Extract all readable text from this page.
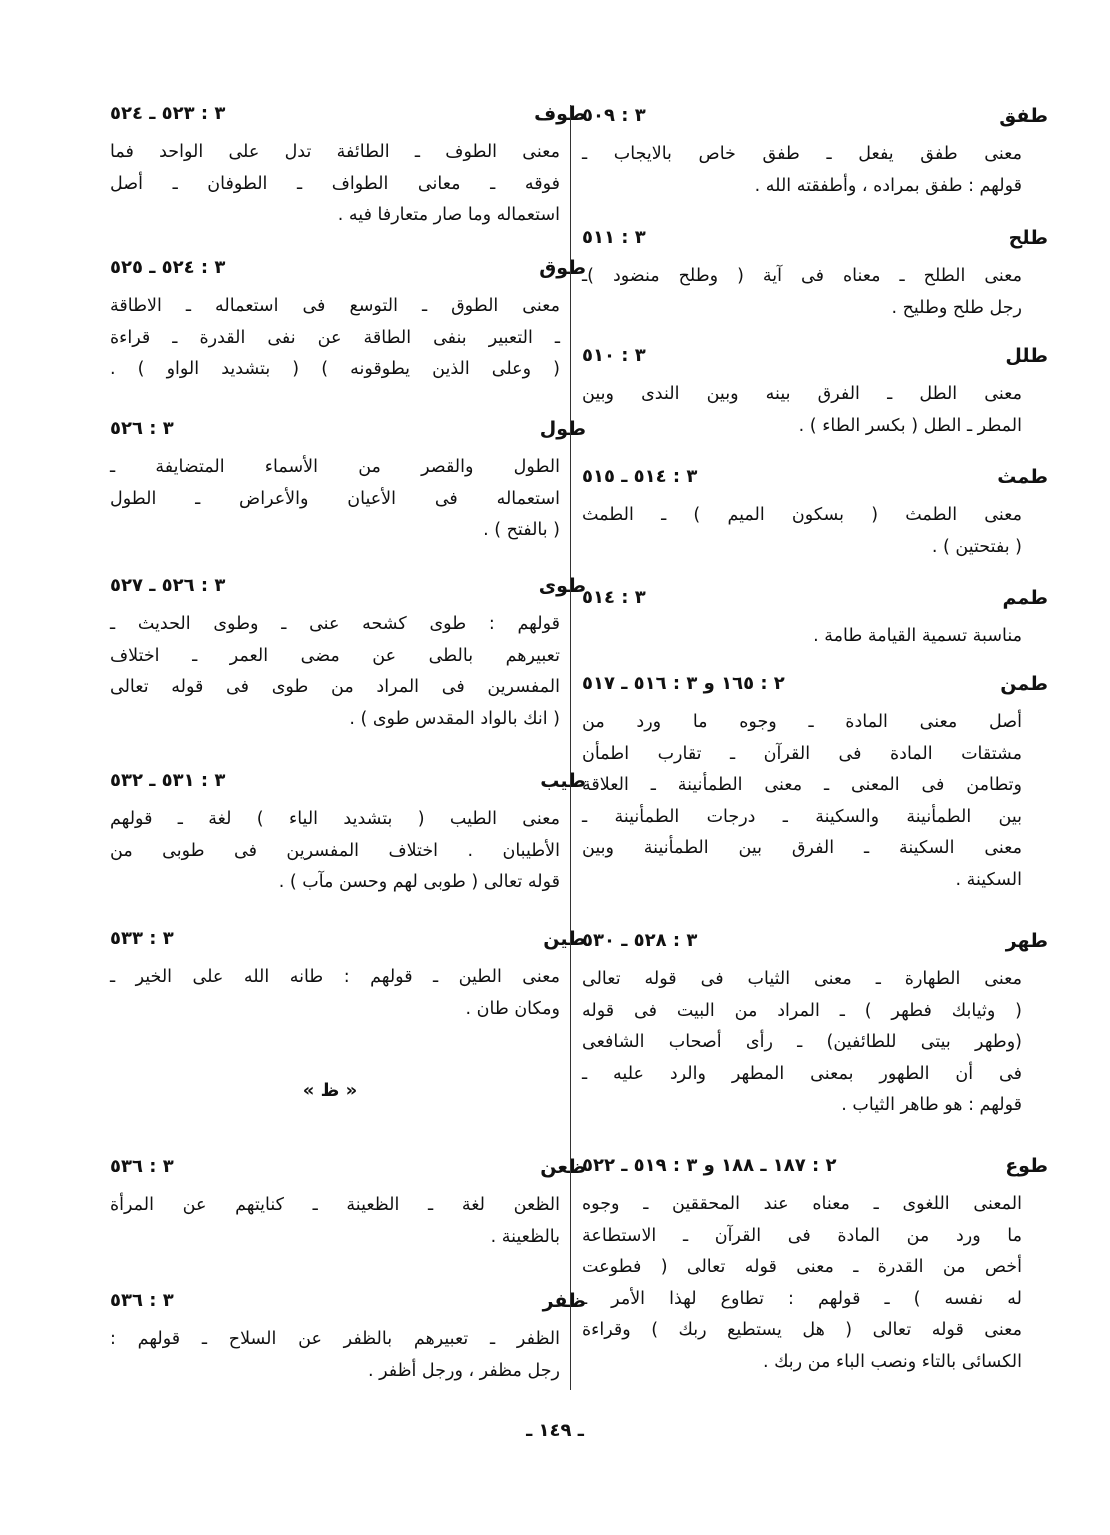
طوف
٣ : ٥٢٣ ـ ٥٢٤
معنى الطوف ـ الطائفة تدل على الواحد فما
فوقه ـ معانى الطواف ـ الطوفان ـ أصل
استعماله وما صار متعارفا فيه .
طوق
٣ : ٥٢٤ ـ ٥٢٥
معنى الطوق ـ التوسع فى استعماله ـ الاطاقة
ـ التعبير بنفى الطاقة عن نفى القدرة ـ قراءة
( وعلى الذين يطوقونه ) ( بتشديد الواو ) .
طول
٣ : ٥٢٦
الطول والقصر من الأسماء المتضايفة ـ
استعماله فى الأعيان والأعراض ـ الطول
( بالفتح ) .
طوى
٣ : ٥٢٦ ـ ٥٢٧
قولهم : طوى كشحه عنى ـ وطوى الحديث ـ
تعبيرهم بالطى عن مضى العمر ـ اختلاف
المفسرين فى المراد من طوى فى قوله تعالى
( انك بالواد المقدس طوى ) .
طيب
٣ : ٥٣١ ـ ٥٣٢
معنى الطيب ( بتشديد الياء ) لغة ـ قولهم
الأطيبان . اختلاف المفسرين فى طوبى من
قوله تعالى ( طوبى لهم وحسن مآب ) .
طين
٣ : ٥٣٣
معنى الطين ـ قولهم : طانه الله على الخير ـ
ومكان طان .
ظعن
٣ : ٥٣٦
الظعن لغة ـ الظعينة ـ كنايتهم عن المرأة
بالظعينة .
ظفر
٣ : ٥٣٦
الظفر ـ تعبيرهم بالظفر عن السلاح ـ قولهم :
رجل مظفر ، ورجل أظفر .
طفق
٣ : ٥٠٩
معنى طفق يفعل ـ طفق خاص بالايجاب ـ
قولهم : طفق بمراده ، وأطفقته الله .
طلح
٣ : ٥١١
معنى الطلح ـ معناه فى آية ( وطلح منضود )ـ
رجل طلح وطليح .
طلل
٣ : ٥١٠
معنى الطل ـ الفرق بينه وبين الندى وبين
المطر ـ الطل ( بكسر الطاء ) .
طمث
٣ : ٥١٤ ـ ٥١٥
معنى الطمث ( بسكون الميم ) ـ الطمث
( بفتحتين ) .
طمم
٣ : ٥١٤
مناسبة تسمية القيامة طامة .
طمن
٢ : ١٦٥ و ٣ : ٥١٦ ـ ٥١٧
أصل معنى المادة ـ وجوه ما ورد من
مشتقات المادة فى القرآن ـ تقارب اطمأن
وتطامن فى المعنى ـ معنى الطمأنينة ـ العلاقة
بين الطمأنينة والسكينة ـ درجات الطمأنينة ـ
معنى السكينة ـ الفرق بين الطمأنينة وبين
السكينة .
طهر
٣ : ٥٢٨ ـ ٥٣٠
معنى الطهارة ـ معنى الثياب فى قوله تعالى
( وثيابك فطهر ) ـ المراد من البيت فى قوله
(وطهر بيتى للطائفين) ـ رأى أصحاب الشافعى
فى أن الطهور بمعنى المطهر والرد عليه ـ
قولهم : هو طاهر الثياب .
طوع
٢ : ١٨٧ ـ ١٨٨ و ٣ : ٥١٩ ـ ٥٢٢
المعنى اللغوى ـ معناه عند المحققين ـ وجوه
ما ورد من المادة فى القرآن ـ الاستطاعة
أخص من القدرة ـ معنى قوله تعالى ( فطوعت
له نفسه ) ـ قولهم : تطاوع لهذا الأمر ـ
معنى قوله تعالى ( هل يستطيع ربك ) وقراءة
الكسائى بالتاء ونصب الباء من ربك .
« ظ »
ـ ١٤٩ ـ
